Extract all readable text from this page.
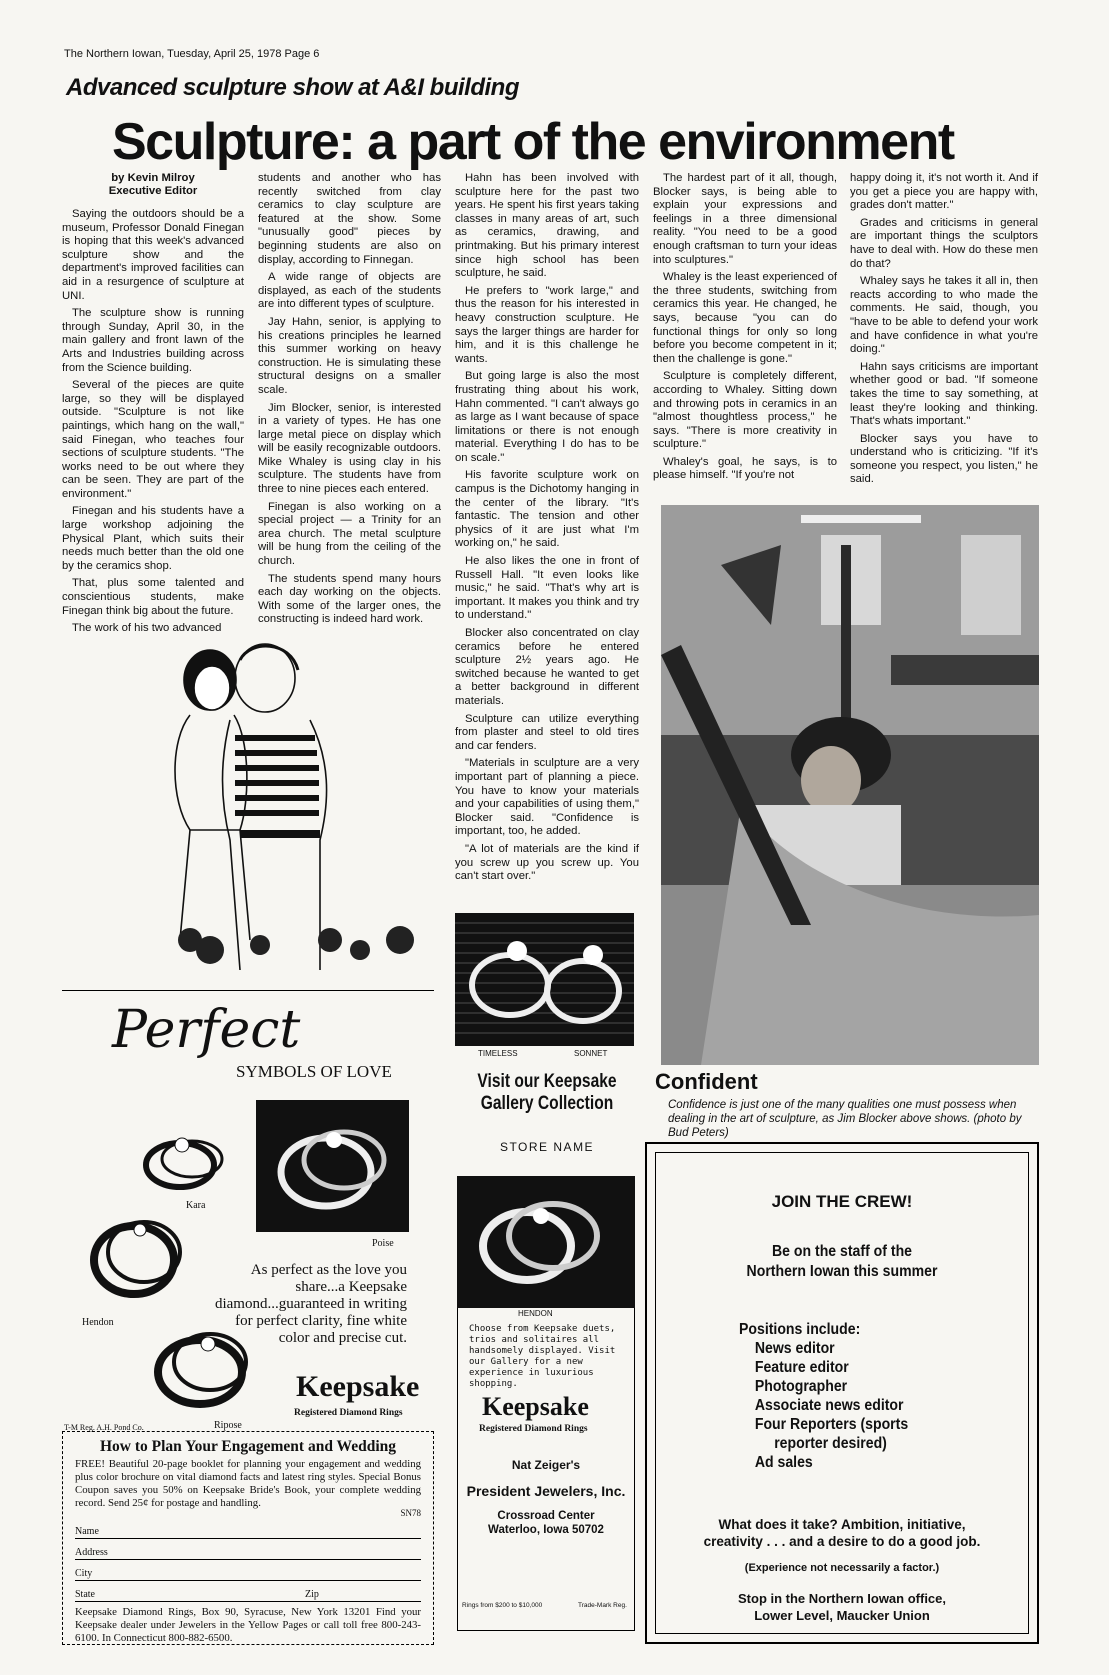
The Northern Iowan, Tuesday, April 25, 1978 Page 6
Advanced sculpture show at A&I building
Sculpture: a part of the environment

by Kevin Milroy
Executive Editor

Saying the outdoors should be a museum, Professor Donald Finegan is hoping that this week's advanced sculpture show and the department's improved facilities can aid in a resurgence of sculpture at UNI.

The sculpture show is running through Sunday, April 30, in the main gallery and front lawn of the Arts and Industries building across from the Science building.

Several of the pieces are quite large, so they will be displayed outside. "Sculpture is not like paintings, which hang on the wall," said Finegan, who teaches four sections of sculpture students. "The works need to be out where they can be seen. They are part of the environment."

Finegan and his students have a large workshop adjoining the Physical Plant, which suits their needs much better than the old one by the ceramics shop.

That, plus some talented and conscientious students, make Finegan think big about the future.

The work of his two advanced

students and another who has recently switched from clay ceramics to clay sculpture are featured at the show. Some "unusually good" pieces by beginning students are also on display, according to Finnegan.

A wide range of objects are displayed, as each of the students are into different types of sculpture.

Jay Hahn, senior, is applying to his creations principles he learned this summer working on heavy construction. He is simulating these structural designs on a smaller scale.

Jim Blocker, senior, is interested in a variety of types. He has one large metal piece on display which will be easily recognizable outdoors. Mike Whaley is using clay in his sculpture. The students have from three to nine pieces each entered.

Finegan is also working on a special project — a Trinity for an area church. The metal sculpture will be hung from the ceiling of the church.

The students spend many hours each day working on the objects. With some of the larger ones, the constructing is indeed hard work.

Hahn has been involved with sculpture here for the past two years. He spent his first years taking classes in many areas of art, such as ceramics, drawing, and printmaking. But his primary interest since high school has been sculpture, he said.

He prefers to "work large," and thus the reason for his interested in heavy construction sculpture. He says the larger things are harder for him, and it is this challenge he wants.

But going large is also the most frustrating thing about his work, Hahn commented. "I can't always go as large as I want because of space limitations or there is not enough material. Everything I do has to be on scale."

His favorite sculpture work on campus is the Dichotomy hanging in the center of the library. "It's fantastic. The tension and other physics of it are just what I'm working on," he said.

He also likes the one in front of Russell Hall. "It even looks like music," he said. "That's why art is important. It makes you think and try to understand."

Blocker also concentrated on clay ceramics before he entered sculpture 2½ years ago. He switched because he wanted to get a better background in different materials.

Sculpture can utilize everything from plaster and steel to old tires and car fenders.

"Materials in sculpture are a very important part of planning a piece. You have to know your materials and your capabilities of using them," Blocker said. "Confidence is important, too, he added.

"A lot of materials are the kind if you screw up you screw up. You can't start over."

The hardest part of it all, though, Blocker says, is being able to explain your expressions and feelings in a three dimensional reality. "You need to be a good enough craftsman to turn your ideas into sculptures."

Whaley is the least experienced of the three students, switching from ceramics this year. He changed, he says, because "you can do functional things for only so long before you become competent in it; then the challenge is gone."

Sculpture is completely different, according to Whaley. Sitting down and throwing pots in ceramics in an "almost thoughtless process," he says. "There is more creativity in sculpture."

Whaley's goal, he says, is to please himself. "If you're not

happy doing it, it's not worth it. And if you get a piece you are happy with, grades don't matter."

Grades and criticisms in general are important things the sculptors have to deal with. How do these men do that?

Whaley says he takes it all in, then reacts according to who made the comments. He said, though, you "have to be able to defend your work and have confidence in what you're doing."

Hahn says criticisms are important whether good or bad. "If someone takes the time to say something, at least they're looking and thinking. That's whats important."

Blocker says you have to understand who is criticizing. "If it's someone you respect, you listen," he said.

Confident
Confidence is just one of the many qualities one must possess when dealing in the art of sculpture, as Jim Blocker above shows. (photo by Bud Peters)
Perfect
SYMBOLS OF LOVE
Kara
Poise
Hendon
As perfect as the love you share...a Keepsake diamond...guaranteed in writing for perfect clarity, fine white color and precise cut.
Ripose
Keepsake
Registered Diamond Rings
T-M Reg. A.H. Pond Co.
How to Plan Your Engagement and Wedding
FREE! Beautiful 20-page booklet for planning your engagement and wedding plus color brochure on vital diamond facts and latest ring styles. Special Bonus Coupon saves you 50% on Keepsake Bride's Book, your complete wedding record. Send 25¢ for postage and handling.
SN78
Name
Address
City
State	Zip
Keepsake Diamond Rings, Box 90, Syracuse, New York 13201 Find your Keepsake dealer under Jewelers in the Yellow Pages or call toll free 800-243-6100. In Connecticut 800-882-6500.
TIMELESS	SONNET
Visit our Keepsake Gallery Collection
STORE NAME
HENDON
Choose from Keepsake duets, trios and solitaires all handsomely displayed. Visit our Gallery for a new experience in luxurious shopping.
Keepsake
Registered Diamond Rings
Nat Zeiger's
President Jewelers, Inc.
Crossroad Center
Waterloo, Iowa 50702
Rings from $200 to $10,000	Trade-Mark Reg.
JOIN THE CREW!
Be on the staff of the
Northern Iowan this summer
Positions include:
News editor
Feature editor
Photographer
Associate news editor
Four Reporters (sports
reporter desired)
Ad sales
What does it take? Ambition, initiative,
creativity . . . and a desire to do a good job.
(Experience not necessarily a factor.)
Stop in the Northern Iowan office,
Lower Level, Maucker Union
